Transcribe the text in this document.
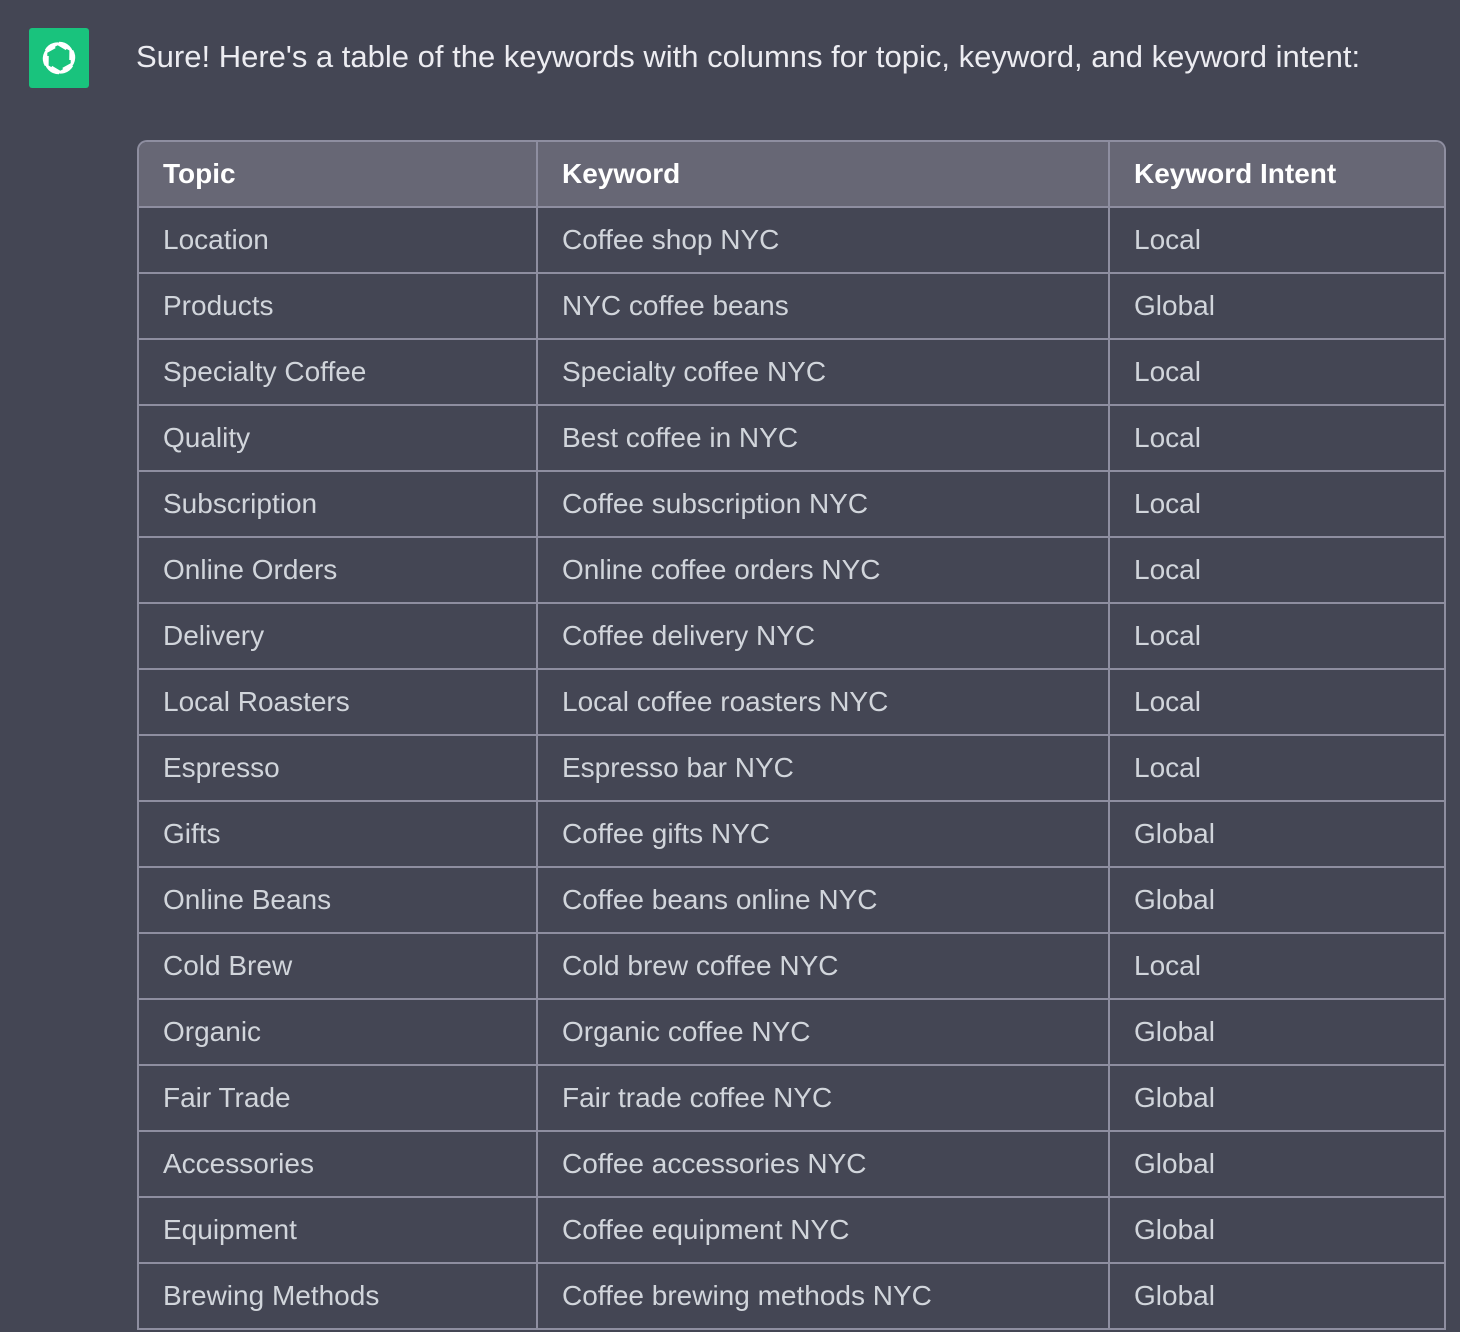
Sure! Here's a table of the keywords with columns for topic, keyword, and keyword intent:
Topic	Keyword	Keyword Intent
Location	Coffee shop NYC	Local
Products	NYC coffee beans	Global
Specialty Coffee	Specialty coffee NYC	Local
Quality	Best coffee in NYC	Local
Subscription	Coffee subscription NYC	Local
Online Orders	Online coffee orders NYC	Local
Delivery	Coffee delivery NYC	Local
Local Roasters	Local coffee roasters NYC	Local
Espresso	Espresso bar NYC	Local
Gifts	Coffee gifts NYC	Global
Online Beans	Coffee beans online NYC	Global
Cold Brew	Cold brew coffee NYC	Local
Organic	Organic coffee NYC	Global
Fair Trade	Fair trade coffee NYC	Global
Accessories	Coffee accessories NYC	Global
Equipment	Coffee equipment NYC	Global
Brewing Methods	Coffee brewing methods NYC	Global
